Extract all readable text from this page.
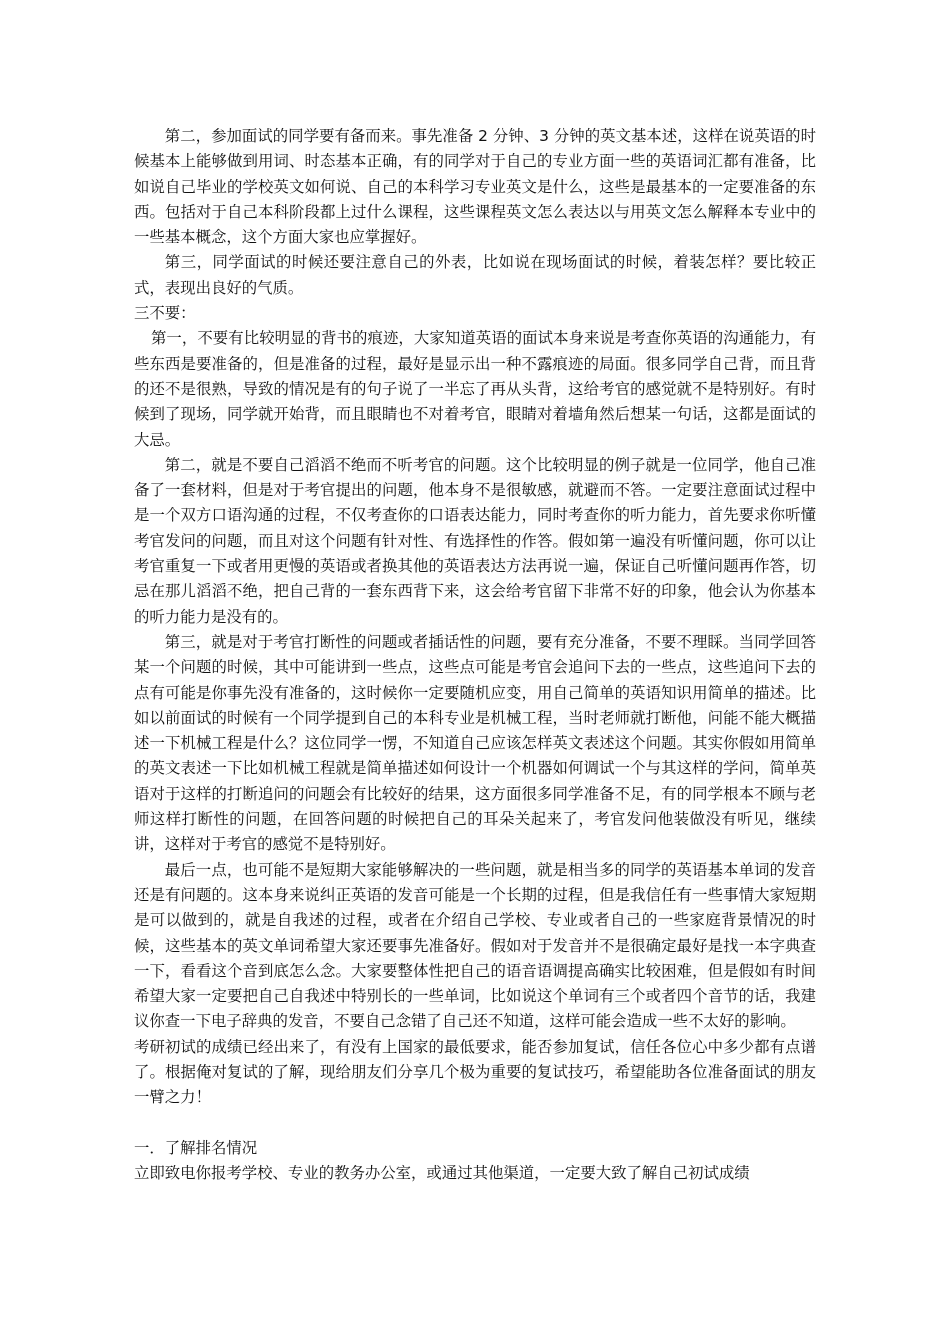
第二，参加面试的同学要有备而来。事先准备 2 分钟、3 分钟的英文基本述，这样在说英语的时候基本上能够做到用词、时态基本正确，有的同学对于自己的专业方面一些的英语词汇都有准备，比如说自己毕业的学校英文如何说、自己的本科学习专业英文是什么，这些是最基本的一定要准备的东西。包括对于自己本科阶段都上过什么课程，这些课程英文怎么表达以与用英文怎么解释本专业中的一些基本概念，这个方面大家也应掌握好。

第三，同学面试的时候还要注意自己的外表，比如说在现场面试的时候，着装怎样？要比较正式，表现出良好的气质。

三不要：

第一，不要有比较明显的背书的痕迹，大家知道英语的面试本身来说是考查你英语的沟通能力，有些东西是要准备的，但是准备的过程，最好是显示出一种不露痕迹的局面。很多同学自己背，而且背的还不是很熟，导致的情况是有的句子说了一半忘了再从头背，这给考官的感觉就不是特别好。有时候到了现场，同学就开始背，而且眼睛也不对着考官，眼睛对着墙角然后想某一句话，这都是面试的大忌。

第二，就是不要自己滔滔不绝而不听考官的问题。这个比较明显的例子就是一位同学，他自己准备了一套材料，但是对于考官提出的问题，他本身不是很敏感，就避而不答。一定要注意面试过程中是一个双方口语沟通的过程，不仅考查你的口语表达能力，同时考查你的听力能力，首先要求你听懂考官发问的问题，而且对这个问题有针对性、有选择性的作答。假如第一遍没有听懂问题，你可以让考官重复一下或者用更慢的英语或者换其他的英语表达方法再说一遍，保证自己听懂问题再作答，切忌在那儿滔滔不绝，把自己背的一套东西背下来，这会给考官留下非常不好的印象，他会认为你基本的听力能力是没有的。

第三，就是对于考官打断性的问题或者插话性的问题，要有充分准备，不要不理睬。当同学回答某一个问题的时候，其中可能讲到一些点，这些点可能是考官会追问下去的一些点，这些追问下去的点有可能是你事先没有准备的，这时候你一定要随机应变，用自己简单的英语知识用简单的描述。比如以前面试的时候有一个同学提到自己的本科专业是机械工程，当时老师就打断他，问能不能大概描述一下机械工程是什么？这位同学一愣，不知道自己应该怎样英文表述这个问题。其实你假如用简单的英文表述一下比如机械工程就是简单描述如何设计一个机器如何调试一个与其这样的学问，简单英语对于这样的打断追问的问题会有比较好的结果，这方面很多同学准备不足，有的同学根本不顾与老师这样打断性的问题，在回答问题的时候把自己的耳朵关起来了，考官发问他装做没有听见，继续讲，这样对于考官的感觉不是特别好。

最后一点，也可能不是短期大家能够解决的一些问题，就是相当多的同学的英语基本单词的发音还是有问题的。这本身来说纠正英语的发音可能是一个长期的过程，但是我信任有一些事情大家短期是可以做到的，就是自我述的过程，或者在介绍自己学校、专业或者自己的一些家庭背景情况的时候，这些基本的英文单词希望大家还要事先准备好。假如对于发音并不是很确定最好是找一本字典查一下，看看这个音到底怎么念。大家要整体性把自己的语音语调提高确实比较困难，但是假如有时间希望大家一定要把自己自我述中特别长的一些单词，比如说这个单词有三个或者四个音节的话，我建议你查一下电子辞典的发音，不要自己念错了自己还不知道，这样可能会造成一些不太好的影响。

考研初试的成绩已经出来了，有没有上国家的最低要求，能否参加复试，信任各位心中多少都有点谱了。根据俺对复试的了解，现给朋友们分享几个极为重要的复试技巧，希望能助各位准备面试的朋友一臂之力！

一．了解排名情况

立即致电你报考学校、专业的教务办公室，或通过其他渠道，一定要大致了解自己初试成绩
